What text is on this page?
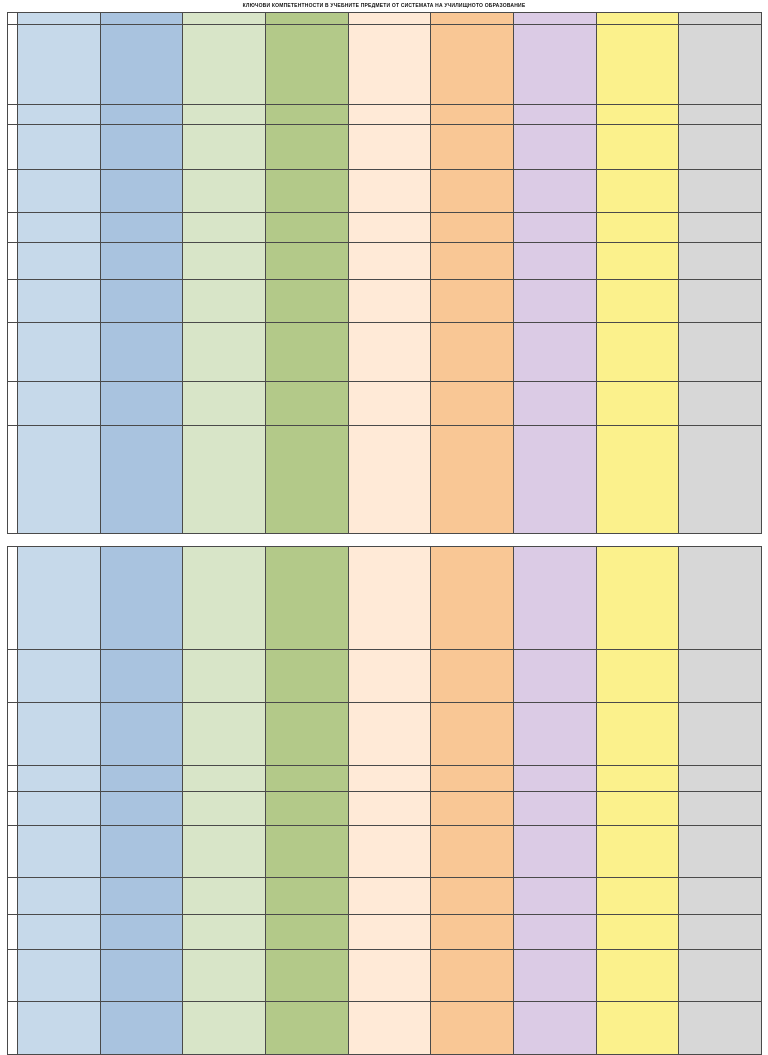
КЛЮЧОВИ КОМПЕТЕНТНОСТИ В УЧЕБНИТЕ ПРЕДМЕТИ ОТ СИСТЕМАТА НА УЧИЛИЩНОТО ОБРАЗОВАНИЕ
